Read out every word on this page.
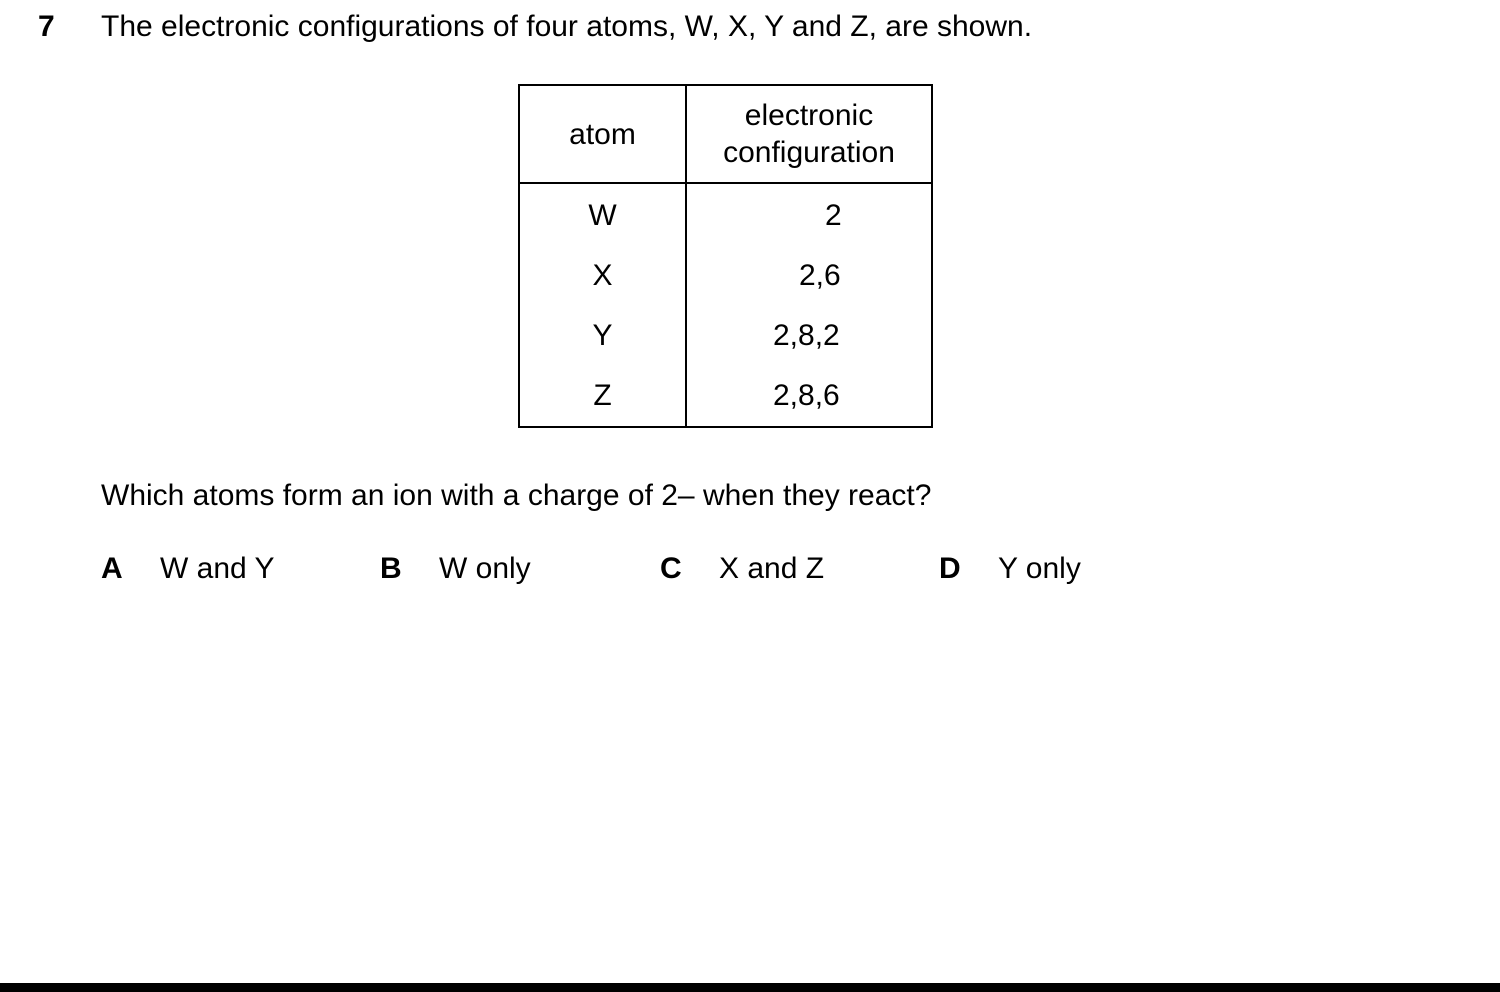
7 The electronic configurations of four atoms, W, X, Y and Z, are shown.
atom	electronic
configuration
W	2
X	2,6
Y	2,8,2
Z	2,8,6
Which atoms form an ion with a charge of 2– when they react?
A W and Y	B W only	C X and Z	D Y only
